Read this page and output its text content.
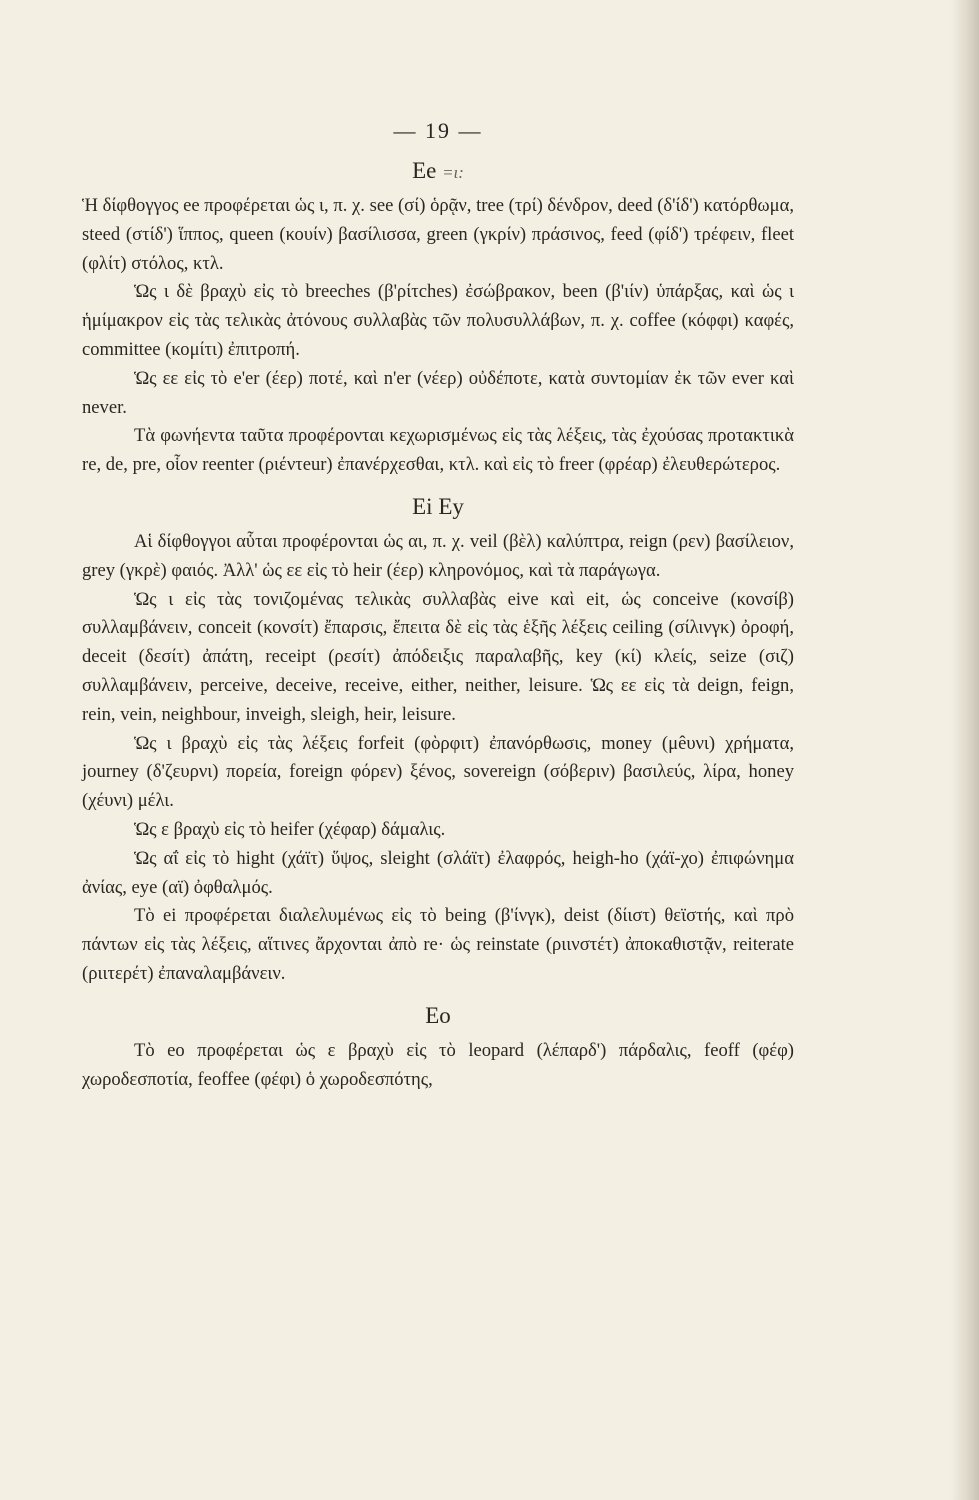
— 19 —
Ee =ι:

Ἡ δίφθογγος ee προφέρεται ὡς ι, π. χ. see (σί) ὁρᾷν, tree (τρί) δένδρον, deed (δ'ίδ') κατόρθωμα, steed (στίδ') ἵππος, queen (κουίν) βασίλισσα, green (γκρίν) πράσινος, feed (φίδ') τρέφειν, fleet (φλίτ) στόλος, κτλ.

Ὡς ι δὲ βραχὺ εἰς τὸ breeches (β'ρίτches) ἐσώβρακον, been (β'ιίν) ὑπάρξας, καὶ ὡς ι ἡμίμακρον εἰς τὰς τελικὰς ἀτόνους συλλαβὰς τῶν πολυσυλλάβων, π. χ. coffee (κόφφι) καφές, committee (κομίτι) ἐπιτροπή.

Ὡς εε εἰς τὸ e'er (έερ) ποτέ, καὶ n'er (νέερ) οὐδέποτε, κατὰ συντομίαν ἐκ τῶν ever καὶ never.

Τὰ φωνήεντα ταῦτα προφέρονται κεχωρισμένως εἰς τὰς λέξεις, τὰς ἐχούσας προτακτικὰ re, de, pre, οἷον reenter (ριέντeur) ἐπανέρχεσθαι, κτλ. καὶ εἰς τὸ freer (φρέαρ) ἐλευθερώτερος.

Ei Ey

Αἱ δίφθογγοι αὗται προφέρονται ὡς αι, π. χ. veil (βὲλ) καλύπτρα, reign (ρεν) βασίλειον, grey (γκρὲ) φαιός. Ἀλλ' ὡς εε εἰς τὸ heir (έερ) κληρονόμος, καὶ τὰ παράγωγα.

Ὡς ι εἰς τὰς τονιζομένας τελικὰς συλλαβὰς eive καὶ eit, ὡς conceive (κονσίβ) συλλαμβάνειν, conceit (κονσίτ) ἔπαρσις, ἔπειτα δὲ εἰς τὰς ἑξῆς λέξεις ceiling (σίλινγκ) ὀροφή, deceit (δεσίτ) ἀπάτη, receipt (ρεσίτ) ἀπόδειξις παραλαβῆς, key (κί) κλείς, seize (σιζ) συλλαμβάνειν, perceive, deceive, receive, either, neither, leisure. Ὡς εε εἰς τὰ deign, feign, rein, vein, neighbour, inveigh, sleigh, heir, leisure.

Ὡς ι βραχὺ εἰς τὰς λέξεις forfeit (φὸρφιτ) ἐπανόρθωσις, money (μêυνι) χρήματα, journey (δ'ζευρνι) πορεία, foreign φόρεν) ξένος, sovereign (σόβεριν) βασιλεύς, λίρα, honey (χέυνι) μέλι.

Ὡς ε βραχὺ εἰς τὸ heifer (χέφαρ) δάμαλις.

Ὡς αΐ εἰς τὸ hight (χάϊτ) ὕψος, sleight (σλάϊτ) ἐλαφρός, heigh-ho (χάϊ-χο) ἐπιφώνημα ἀνίας, eye (αϊ) ὀφθαλμός.

Τὸ ei προφέρεται διαλελυμένως εἰς τὸ being (β'ίνγκ), deist (δίιστ) θεϊστής, καὶ πρὸ πάντων εἰς τὰς λέξεις, αἵτινες ἄρχονται ἀπὸ re· ὡς reinstate (ριινστέτ) ἀποκαθιστᾷν, reiterate (ριιτερέτ) ἐπαναλαμβάνειν.

Eo

Τὸ eo προφέρεται ὡς ε βραχὺ εἰς τὸ leopard (λέπαρδ') πάρδαλις, feoff (φέφ) χωροδεσποτία, feoffee (φέφι) ὁ χωροδεσπότης,
